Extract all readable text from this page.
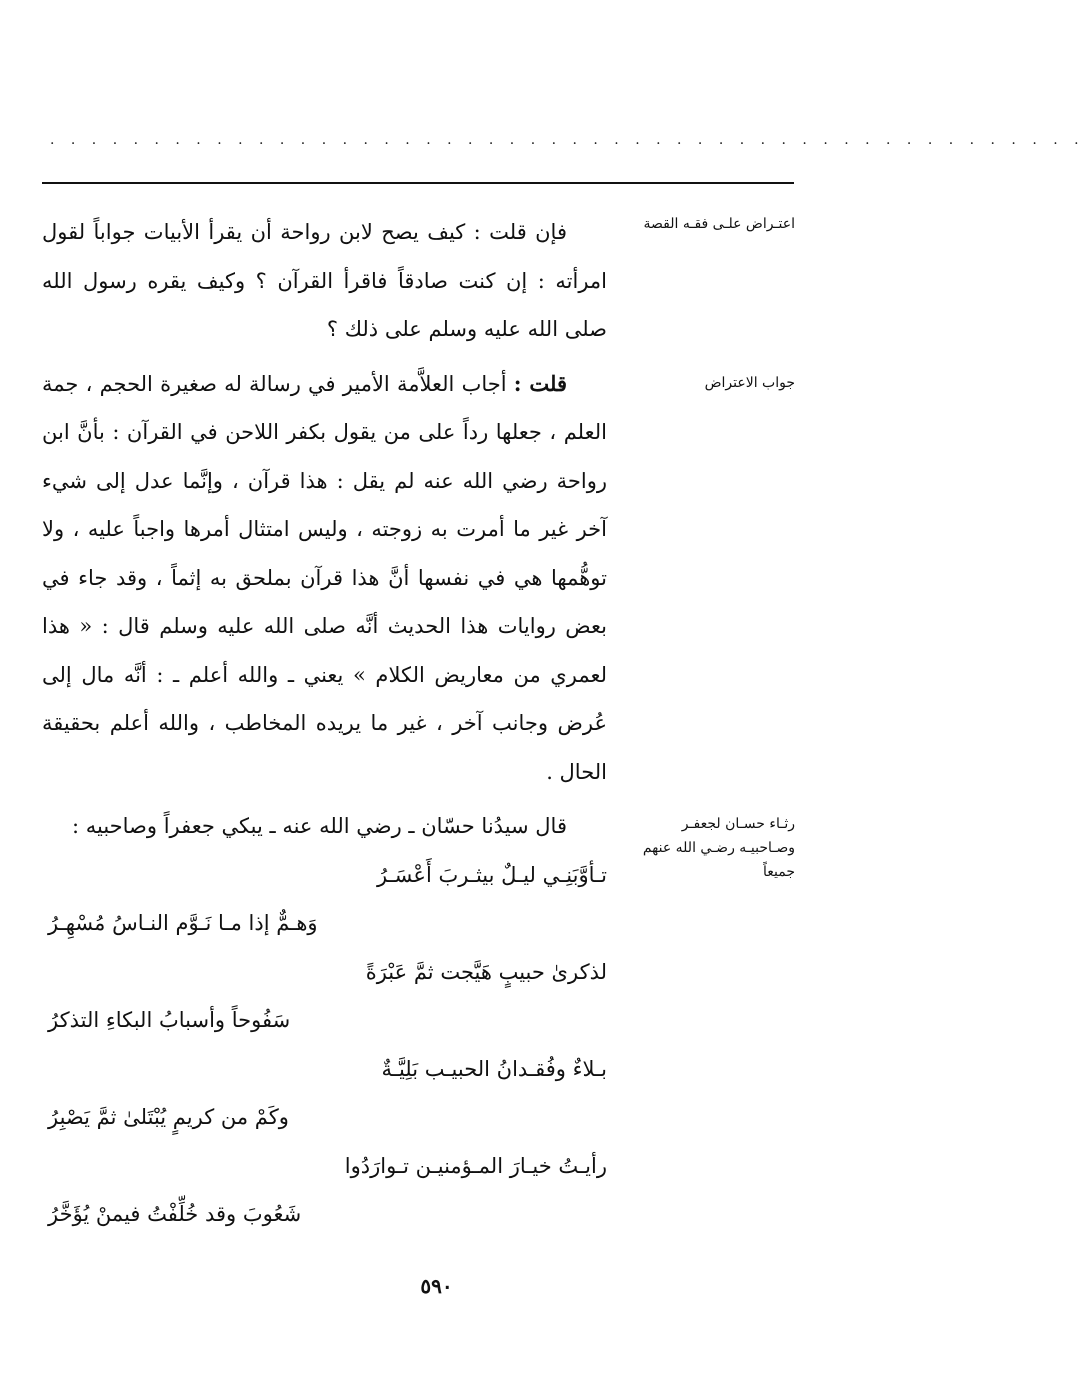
· · · · · · · · · · · · · · · · · · · · · · · · · · · · · · · · · · · · · · · · · · · · · · · · · ·
اعتـراض علـى فقـه القصة
جواب الاعتراض
رثـاء حسـان لجعفـر وصـاحبيـه رضـي الله عنهم جميعاً

فإن قلت : كيف يصح لابن رواحة أن يقرأ الأبيات جواباً لقول امرأته : إن كنت صادقاً فاقرأ القرآن ؟ وكيف يقره رسول الله صلى الله عليه وسلم على ذلك ؟

قلت : أجاب العلاَّمة الأمير في رسالة له صغيرة الحجم ، جمة العلم ، جعلها رداً على من يقول بكفر اللاحن في القرآن : بأنَّ ابن رواحة رضي الله عنه لم يقل : هذا قرآن ، وإنَّما عدل إلى شيء آخر غير ما أمرت به زوجته ، وليس امتثال أمرها واجباً عليه ، ولا توهُّمها هي في نفسها أنَّ هذا قرآن بملحق به إثماً ، وقد جاء في بعض روايات هذا الحديث أنَّه صلى الله عليه وسلم قال : « هذا لعمري من معاريض الكلام » يعني ـ والله أعلم ـ : أنَّه مال إلى عُرض وجانب آخر ، غير ما يريده المخاطب ، والله أعلم بحقيقة الحال .

قال سيدُنا حسّان ـ رضي الله عنه ـ يبكي جعفراً وصاحبيه :

تـأوَّبَنِـي ليـلٌ بيثـربَ أَعْسَـرُ
وَهـمٌّ إذا مـا نَـوَّم النـاسُ مُسْهِـرُ
لذكرىٰ حبيبٍ هَيَّجت ثمَّ عَبْرَةً
سَفُوحاً وأسبابُ البكاءِ التذكرُ
بـلاءٌ وفُقـدانُ الحبيـب بَلِيَّـةٌ
وكَمْ من كريمٍ يُبْتَلىٰ ثمَّ يَصْبِرُ
رأيـتُ خيـارَ المـؤمنيـن تـوارَدُوا
شَعُوبَ وقد خُلِّفْتُ فيمنْ يُؤَخَّرُ
٥٩٠
